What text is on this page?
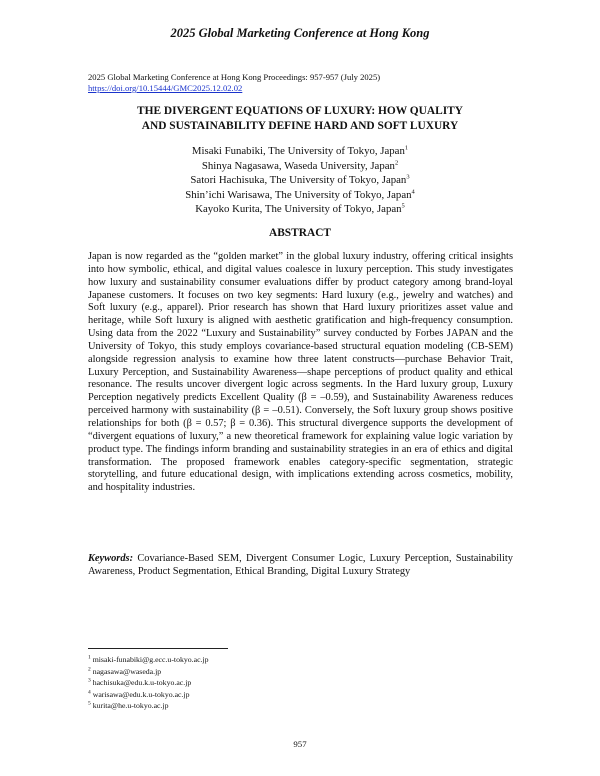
2025 Global Marketing Conference at Hong Kong
2025 Global Marketing Conference at Hong Kong Proceedings: 957-957 (July 2025)
https://doi.org/10.15444/GMC2025.12.02.02
THE DIVERGENT EQUATIONS OF LUXURY: HOW QUALITY
AND SUSTAINABILITY DEFINE HARD AND SOFT LUXURY
Misaki Funabiki, The University of Tokyo, Japan$^1$
Shinya Nagasawa, Waseda University, Japan$^2$
Satori Hachisuka, The University of Tokyo, Japan$^3$
Shin’ichi Warisawa, The University of Tokyo, Japan$^4$
Kayoko Kurita, The University of Tokyo, Japan$^5$
ABSTRACT
Japan is now regarded as the “golden market” in the global luxury industry, offering critical insights into how symbolic, ethical, and digital values coalesce in luxury perception. This study investigates how luxury and sustainability consumer evaluations differ by product category among brand-loyal Japanese customers. It focuses on two key segments: Hard luxury (e.g., jewelry and watches) and Soft luxury (e.g., apparel). Prior research has shown that Hard luxury prioritizes asset value and heritage, while Soft luxury is aligned with aesthetic gratification and high-frequency consumption. Using data from the 2022 “Luxury and Sustainability” survey conducted by Forbes JAPAN and the University of Tokyo, this study employs covariance-based structural equation modeling (CB-SEM) alongside regression analysis to examine how three latent constructs—purchase Behavior Trait, Luxury Perception, and Sustainability Awareness—shape perceptions of product quality and ethical resonance. The results uncover divergent logic across segments. In the Hard luxury group, Luxury Perception negatively predicts Excellent Quality (β = –0.59), and Sustainability Awareness reduces perceived harmony with sustainability (β = –0.51). Conversely, the Soft luxury group shows positive relationships for both (β = 0.57; β = 0.36). This structural divergence supports the development of “divergent equations of luxury,” a new theoretical framework for explaining value logic variation by product type. The findings inform branding and sustainability strategies in an era of ethics and digital transformation. The proposed framework enables category-specific segmentation, strategic storytelling, and future educational design, with implications extending across cosmetics, mobility, and hospitality industries.
Keywords: Covariance-Based SEM, Divergent Consumer Logic, Luxury Perception, Sustainability Awareness, Product Segmentation, Ethical Branding, Digital Luxury Strategy
$^1$ misaki-funabiki@g.ecc.u-tokyo.ac.jp
$^2$ nagasawa@waseda.jp
$^3$ hachisuka@edu.k.u-tokyo.ac.jp
$^4$ warisawa@edu.k.u-tokyo.ac.jp
$^5$ kurita@he.u-tokyo.ac.jp
957
